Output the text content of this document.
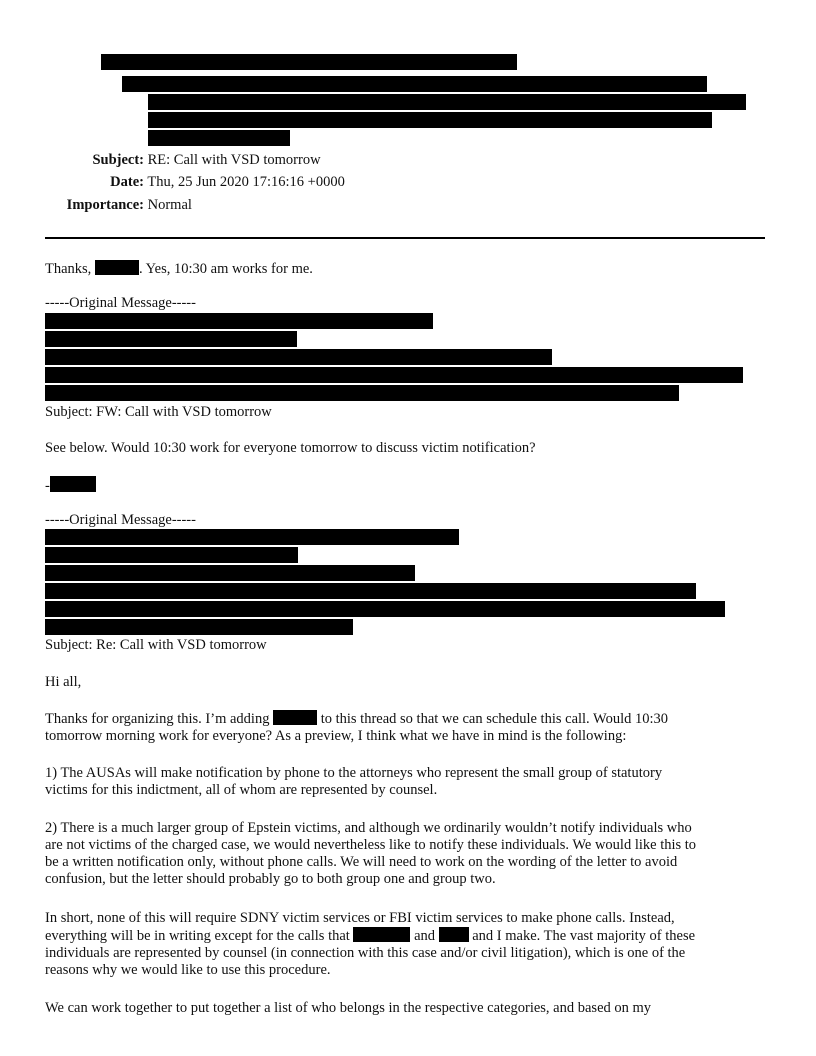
Subject: RE: Call with VSD tomorrow
Date: Thu, 25 Jun 2020 17:16:16 +0000
Importance: Normal
Thanks,	. Yes, 10:30 am works for me.
-----Original Message-----
Subject: FW: Call with VSD tomorrow
See below. Would 10:30 work for everyone tomorrow to discuss victim notification?
-
-----Original Message-----
Subject: Re: Call with VSD tomorrow
Hi all,
Thanks for organizing this. I’m adding	to this thread so that we can schedule this call. Would 10:30
tomorrow morning work for everyone? As a preview, I think what we have in mind is the following:
1) The AUSAs will make notification by phone to the attorneys who represent the small group of statutory
victims for this indictment, all of whom are represented by counsel.
2) There is a much larger group of Epstein victims, and although we ordinarily wouldn’t notify individuals who
are not victims of the charged case, we would nevertheless like to notify these individuals. We would like this to
be a written notification only, without phone calls. We will need to work on the wording of the letter to avoid
confusion, but the letter should probably go to both group one and group two.
In short, none of this will require SDNY victim services or FBI victim services to make phone calls. Instead,
everything will be in writing except for the calls that	and	and I make. The vast majority of these
individuals are represented by counsel (in connection with this case and/or civil litigation), which is one of the
reasons why we would like to use this procedure.
We can work together to put together a list of who belongs in the respective categories, and based on my
